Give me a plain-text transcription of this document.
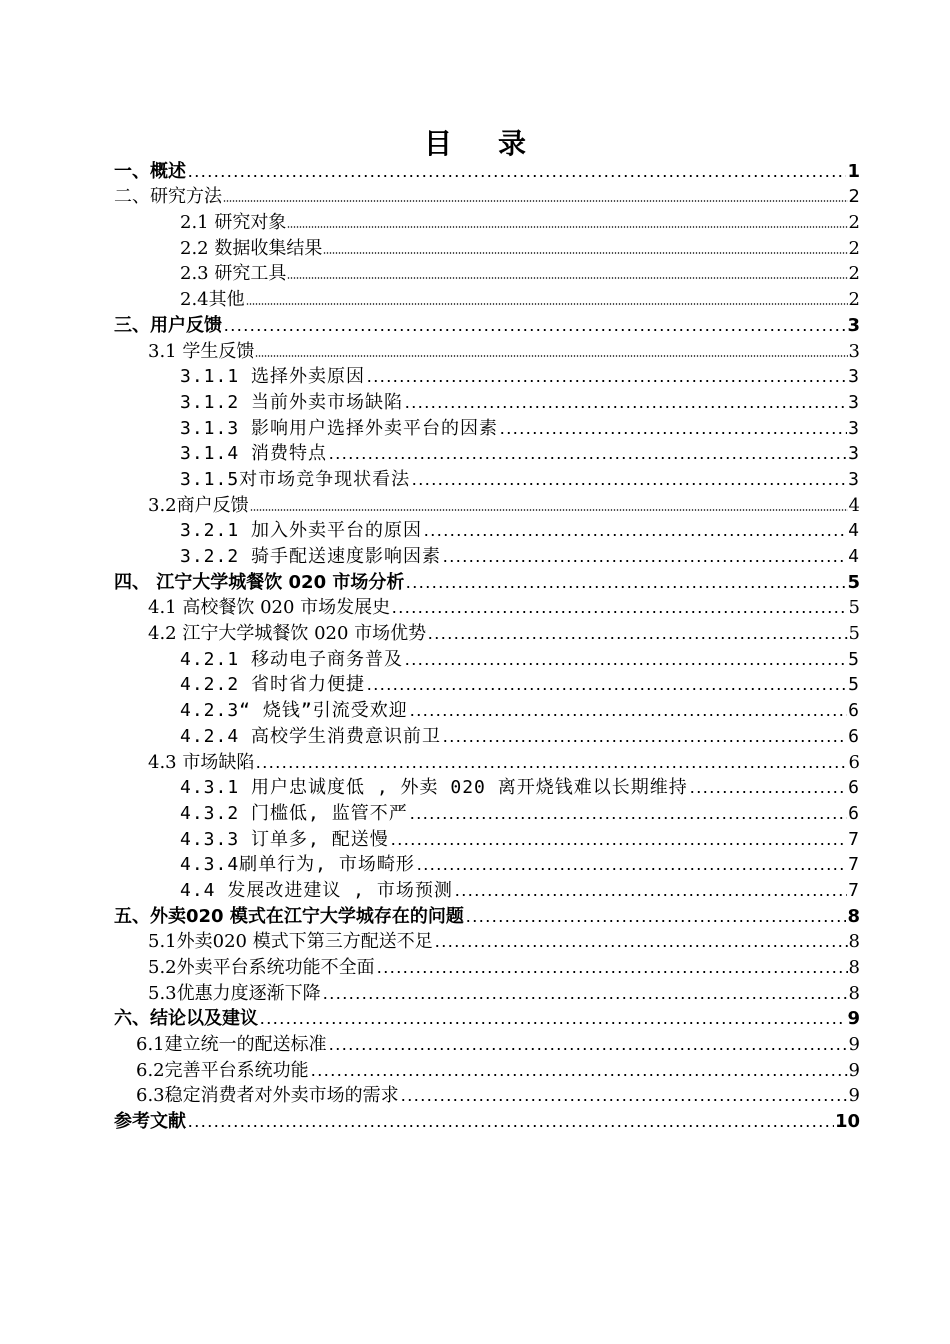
目 录
一、概述	1
二、研究方法	2
2.1 研究对象	2
2.2 数据收集结果	2
2.3 研究工具	2
2.4其他	2
三、用户反馈	3
3.1 学生反馈	3
3.1.1 选择外卖原因	3
3.1.2 当前外卖市场缺陷	3
3.1.3 影响用户选择外卖平台的因素	3
3.1.4 消费特点	3
3.1.5对市场竞争现状看法	3
3.2商户反馈	4
3.2.1 加入外卖平台的原因	4
3.2.2 骑手配送速度影响因素	4
四、 江宁大学城餐饮 020 市场分析	5
4.1 高校餐饮 020 市场发展史	5
4.2 江宁大学城餐饮 020 市场优势	5
4.2.1 移动电子商务普及	5
4.2.2 省时省力便捷	5
4.2.3“ 烧钱”引流受欢迎	6
4.2.4 高校学生消费意识前卫	6
4.3 市场缺陷	6
4.3.1 用户忠诚度低 , 外卖 020 离开烧钱难以长期维持	6
4.3.2 门槛低, 监管不严	6
4.3.3 订单多, 配送慢	7
4.3.4刷单行为, 市场畸形	7
4.4 发展改进建议 , 市场预测	7
五、外卖020 模式在江宁大学城存在的问题	8
5.1外卖020 模式下第三方配送不足	8
5.2外卖平台系统功能不全面	8
5.3优惠力度逐渐下降	8
六、结论以及建议	9
6.1建立统一的配送标准	9
6.2完善平台系统功能	9
6.3稳定消费者对外卖市场的需求	9
参考文献	10
